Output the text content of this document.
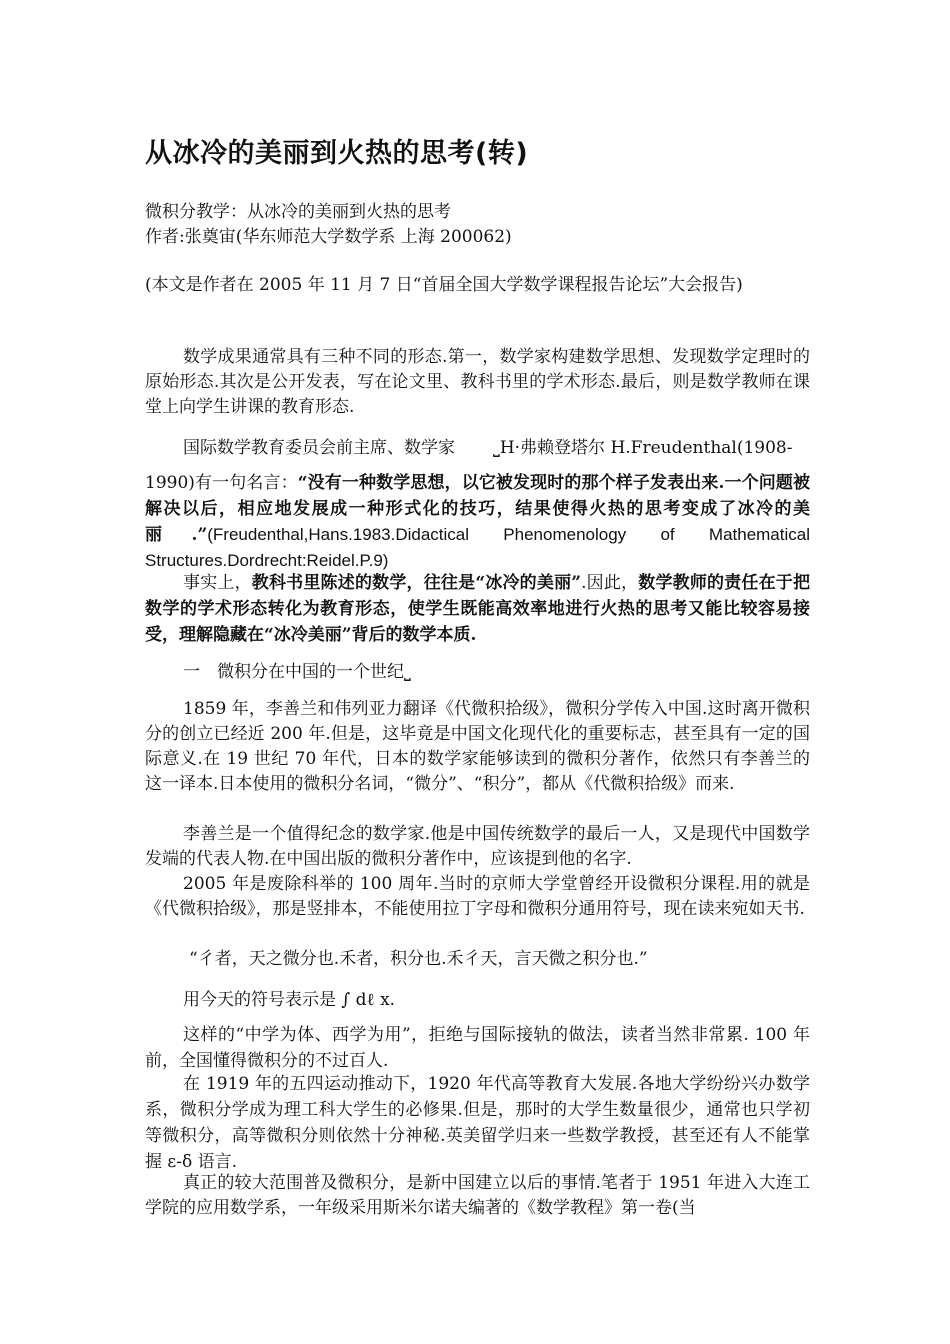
从冰冷的美丽到火热的思考(转)
微积分教学：从冰冷的美丽到火热的思考
作者:张奠宙(华东师范大学数学系 上海 200062)
(本文是作者在 2005 年 11 月 7 日“首届全国大学数学课程报告论坛”大会报告)
数学成果通常具有三种不同的形态.第一，数学家构建数学思想、发现数学定理时的原始形态.其次是公开发表，写在论文里、教科书里的学术形态.最后，则是数学教师在课堂上向学生讲课的教育形态.
国际数学教育委员会前主席、数学家 ⎵H·弗赖登塔尔 H.Freudenthal(1908-
1990)有一句名言：“没有一种数学思想，以它被发现时的那个样子发表出来.一个问题被解决以后，相应地发展成一种形式化的技巧，结果使得火热的思考变成了冰冷的美丽.”(Freudenthal,Hans.1983.Didactical Phenomenology of Mathematical Structures.Dordrecht:Reidel.P.9)
事实上，教科书里陈述的数学，往往是“冰冷的美丽”.因此，数学教师的责任在于把数学的学术形态转化为教育形态，使学生既能高效率地进行火热的思考又能比较容易接受，理解隐藏在“冰冷美丽”背后的数学本质.
一　微积分在中国的一个世纪⎵
1859 年，李善兰和伟列亚力翻译《代微积拾级》，微积分学传入中国.这时离开微积分的创立已经近 200 年.但是，这毕竟是中国文化现代化的重要标志，甚至具有一定的国际意义.在 19 世纪 70 年代，日本的数学家能够读到的微积分著作，依然只有李善兰的这一译本.日本使用的微积分名词，“微分”、“积分”，都从《代微积拾级》而来.
李善兰是一个值得纪念的数学家.他是中国传统数学的最后一人，又是现代中国数学发端的代表人物.在中国出版的微积分著作中，应该提到他的名字.
2005 年是废除科举的 100 周年.当时的京师大学堂曾经开设微积分课程.用的就是《代微积拾级》，那是竖排本，不能使用拉丁字母和微积分通用符号，现在读来宛如天书.
“彳者，天之微分也.禾者，积分也.禾彳天，言天微之积分也.”
用今天的符号表示是 ∫ dℓ x.
这样的“中学为体、西学为用”，拒绝与国际接轨的做法，读者当然非常累. 100 年前，全国懂得微积分的不过百人.
在 1919 年的五四运动推动下，1920 年代高等教育大发展.各地大学纷纷兴办数学系，微积分学成为理工科大学生的必修果.但是，那时的大学生数量很少，通常也只学初等微积分，高等微积分则依然十分神秘.英美留学归来一些数学教授，甚至还有人不能掌握 ε-δ 语言.
真正的较大范围普及微积分，是新中国建立以后的事情.笔者于 1951 年进入大连工学院的应用数学系，一年级采用斯米尔诺夫编著的《数学教程》第一卷(当
